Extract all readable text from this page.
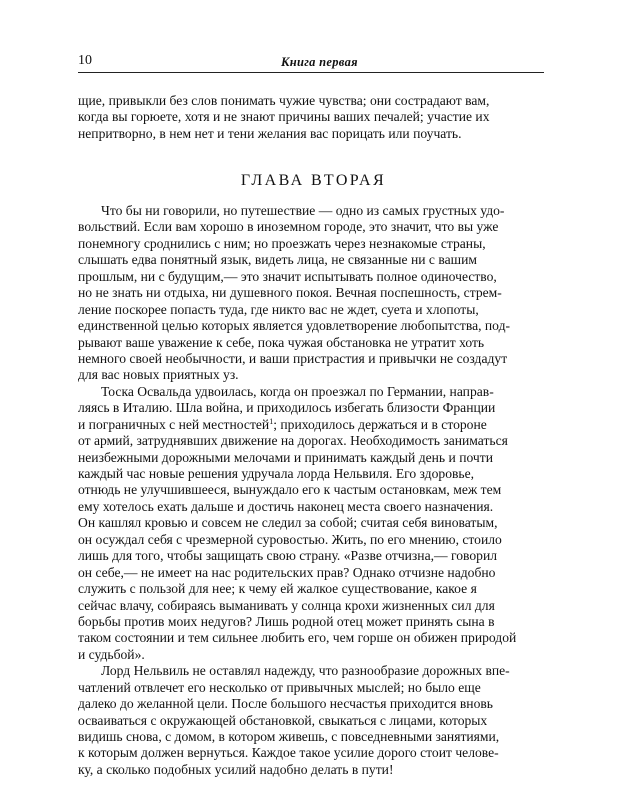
10	Книга первая
щие, привыкли без слов понимать чужие чувства; они сострадают вам,
когда вы горюете, хотя и не знают причины ваших печалей; участие их
непритворно, в нем нет и тени желания вас порицать или поучать.
ГЛАВА ВТОРАЯ
Что бы ни говорили, но путешествие — одно из самых грустных удо-
вольствий. Если вам хорошо в иноземном городе, это значит, что вы уже
понемногу сроднились с ним; но проезжать через незнакомые страны,
слышать едва понятный язык, видеть лица, не связанные ни с вашим
прошлым, ни с будущим,— это значит испытывать полное одиночество,
но не знать ни отдыха, ни душевного покоя. Вечная поспешность, стрем-
ление поскорее попасть туда, где никто вас не ждет, суета и хлопоты,
единственной целью которых является удовлетворение любопытства, под-
рывают ваше уважение к себе, пока чужая обстановка не утратит хоть
немного своей необычности, и ваши пристрастия и привычки не создадут
для вас новых приятных уз.
Тоска Освальда удвоилась, когда он проезжал по Германии, направ-
ляясь в Италию. Шла война, и приходилось избегать близости Франции
и пограничных с ней местностей$^1$; приходилось держаться и в стороне
от армий, затруднявших движение на дорогах. Необходимость заниматься
неизбежными дорожными мелочами и принимать каждый день и почти
каждый час новые решения удручала лорда Нельвиля. Его здоровье,
отнюдь не улучшившееся, вынуждало его к частым остановкам, меж тем
ему хотелось ехать дальше и достичь наконец места своего назначения.
Он кашлял кровью и совсем не следил за собой; считая себя виноватым,
он осуждал себя с чрезмерной суровостью. Жить, по его мнению, стоило
лишь для того, чтобы защищать свою страну. «Разве отчизна,— говорил
он себе,— не имеет на нас родительских прав? Однако отчизне надобно
служить с пользой для нее; к чему ей жалкое существование, какое я
сейчас влачу, собираясь выманивать у солнца крохи жизненных сил для
борьбы против моих недугов? Лишь родной отец может принять сына в
таком состоянии и тем сильнее любить его, чем горше он обижен природой
и судьбой».
Лорд Нельвиль не оставлял надежду, что разнообразие дорожных впе-
чатлений отвлечет его несколько от привычных мыслей; но было еще
далеко до желанной цели. После большого несчастья приходится вновь
осваиваться с окружающей обстановкой, свыкаться с лицами, которых
видишь снова, с домом, в котором живешь, с повседневными занятиями,
к которым должен вернуться. Каждое такое усилие дорого стоит челове-
ку, а сколько подобных усилий надобно делать в пути!
